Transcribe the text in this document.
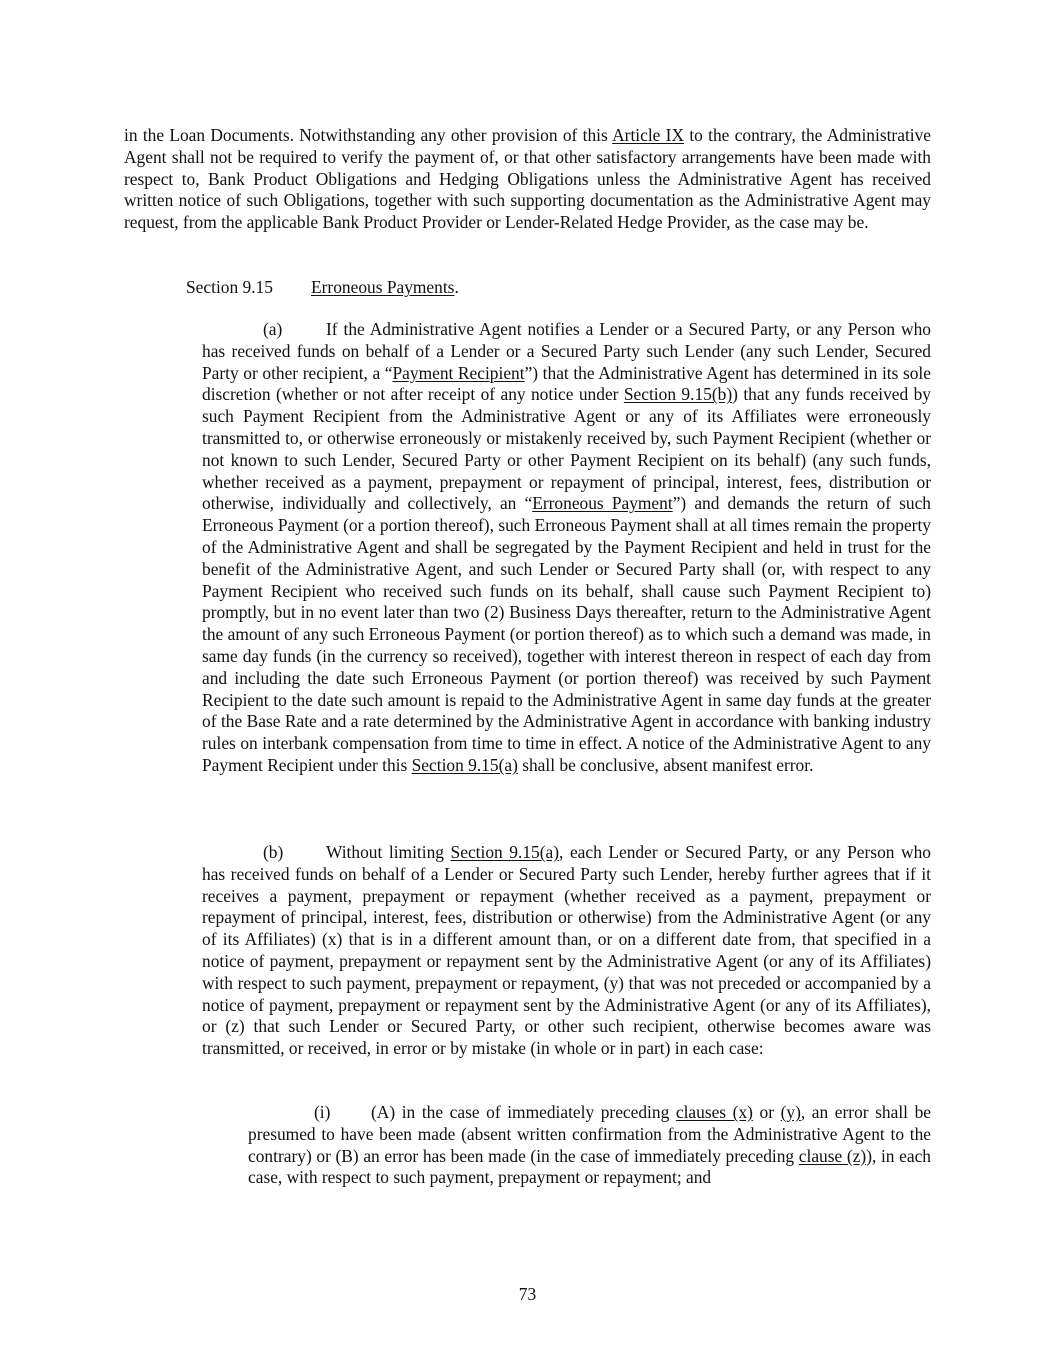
in the Loan Documents. Notwithstanding any other provision of this Article IX to the contrary, the Administrative Agent shall not be required to verify the payment of, or that other satisfactory arrangements have been made with respect to, Bank Product Obligations and Hedging Obligations unless the Administrative Agent has received written notice of such Obligations, together with such supporting documentation as the Administrative Agent may request, from the applicable Bank Product Provider or Lender-Related Hedge Provider, as the case may be.

Section 9.15 Erroneous Payments.

(a)	If the Administrative Agent notifies a Lender or a Secured Party, or any Person who has received funds on behalf of a Lender or a Secured Party such Lender (any such Lender, Secured Party or other recipient, a “Payment Recipient”) that the Administrative Agent has determined in its sole discretion (whether or not after receipt of any notice under Section 9.15(b)) that any funds received by such Payment Recipient from the Administrative Agent or any of its Affiliates were erroneously transmitted to, or otherwise erroneously or mistakenly received by, such Payment Recipient (whether or not known to such Lender, Secured Party or other Payment Recipient on its behalf) (any such funds, whether received as a payment, prepayment or repayment of principal, interest, fees, distribution or otherwise, individually and collectively, an “Erroneous Payment”) and demands the return of such Erroneous Payment (or a portion thereof), such Erroneous Payment shall at all times remain the property of the Administrative Agent and shall be segregated by the Payment Recipient and held in trust for the benefit of the Administrative Agent, and such Lender or Secured Party shall (or, with respect to any Payment Recipient who received such funds on its behalf, shall cause such Payment Recipient to) promptly, but in no event later than two (2) Business Days thereafter, return to the Administrative Agent the amount of any such Erroneous Payment (or portion thereof) as to which such a demand was made, in same day funds (in the currency so received), together with interest thereon in respect of each day from and including the date such Erroneous Payment (or portion thereof) was received by such Payment Recipient to the date such amount is repaid to the Administrative Agent in same day funds at the greater of the Base Rate and a rate determined by the Administrative Agent in accordance with banking industry rules on interbank compensation from time to time in effect. A notice of the Administrative Agent to any Payment Recipient under this Section 9.15(a) shall be conclusive, absent manifest error.

(b) Without limiting Section 9.15(a), each Lender or Secured Party, or any Person who has received funds on behalf of a Lender or Secured Party such Lender, hereby further agrees that if it receives a payment, prepayment or repayment (whether received as a payment, prepayment or repayment of principal, interest, fees, distribution or otherwise) from the Administrative Agent (or any of its Affiliates) (x) that is in a different amount than, or on a different date from, that specified in a notice of payment, prepayment or repayment sent by the Administrative Agent (or any of its Affiliates) with respect to such payment, prepayment or repayment, (y) that was not preceded or accompanied by a notice of payment, prepayment or repayment sent by the Administrative Agent (or any of its Affiliates), or (z) that such Lender or Secured Party, or other such recipient, otherwise becomes aware was transmitted, or received, in error or by mistake (in whole or in part) in each case:

(i) (A) in the case of immediately preceding clauses (x) or (y), an error shall be presumed to have been made (absent written confirmation from the Administrative Agent to the contrary) or (B) an error has been made (in the case of immediately preceding clause (z)), in each case, with respect to such payment, prepayment or repayment; and

73
